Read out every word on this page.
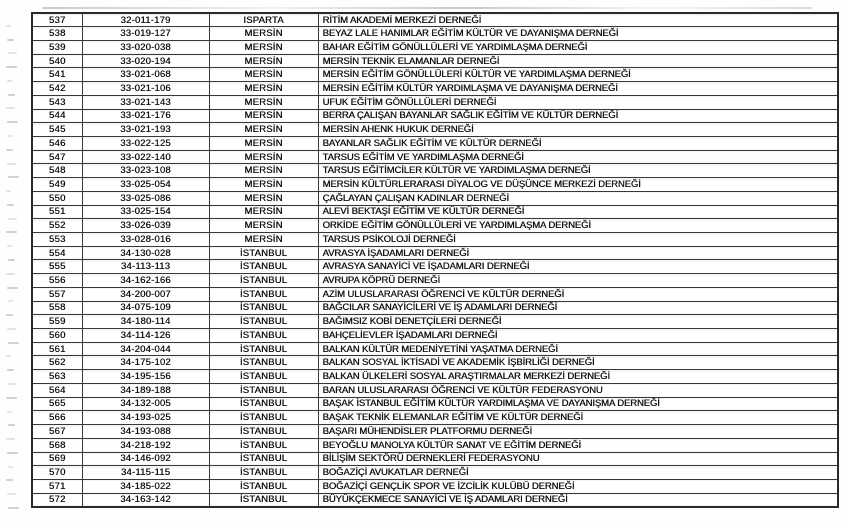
537	32-011-179	ISPARTA	RİTİM AKADEMİ MERKEZİ DERNEĞİ
538	33-019-127	MERSİN	BEYAZ LALE HANIMLAR EĞİTİM KÜLTÜR VE DAYANIŞMA DERNEĞİ
539	33-020-038	MERSİN	BAHAR EĞİTİM GÖNÜLLÜLERİ VE YARDIMLAŞMA DERNEĞİ
540	33-020-194	MERSİN	MERSİN TEKNİK ELAMANLAR DERNEĞİ
541	33-021-068	MERSİN	MERSİN EĞİTİM GÖNÜLLÜLERİ KÜLTÜR VE YARDIMLAŞMA DERNEĞİ
542	33-021-106	MERSİN	MERSİN EĞİTİM KÜLTÜR YARDIMLAŞMA VE DAYANIŞMA DERNEĞİ
543	33-021-143	MERSİN	UFUK EĞİTİM GÖNÜLLÜLERİ DERNEĞİ
544	33-021-176	MERSİN	BERRA ÇALIŞAN BAYANLAR SAĞLIK EĞİTİM VE KÜLTÜR DERNEĞİ
545	33-021-193	MERSİN	MERSİN AHENK HUKUK DERNEĞİ
546	33-022-125	MERSİN	BAYANLAR SAĞLIK EĞİTİM VE KÜLTÜR DERNEĞİ
547	33-022-140	MERSİN	TARSUS EĞİTİM VE YARDIMLAŞMA DERNEĞİ
548	33-023-108	MERSİN	TARSUS EĞİTİMCİLER KÜLTÜR VE YARDIMLAŞMA DERNEĞİ
549	33-025-054	MERSİN	MERSİN KÜLTÜRLERARASI DİYALOG VE DÜŞÜNCE MERKEZİ DERNEĞİ
550	33-025-086	MERSİN	ÇAĞLAYAN ÇALIŞAN KADINLAR DERNEĞİ
551	33-025-154	MERSİN	ALEVİ BEKTAŞİ EĞİTİM VE KÜLTÜR DERNEĞİ
552	33-026-039	MERSİN	ORKİDE EĞİTİM GÖNÜLLÜLERİ VE YARDIMLAŞMA DERNEĞİ
553	33-028-016	MERSİN	TARSUS PSİKOLOJİ DERNEĞİ
554	34-130-028	İSTANBUL	AVRASYA İŞADAMLARI DERNEĞİ
555	34-113-113	İSTANBUL	AVRASYA SANAYİCİ VE İŞADAMLARI DERNEĞİ
556	34-162-166	İSTANBUL	AVRUPA KÖPRÜ DERNEĞİ
557	34-200-007	İSTANBUL	AZİM ULUSLARARASI ÖĞRENCİ VE KÜLTÜR DERNEĞİ
558	34-075-109	İSTANBUL	BAĞCILAR SANAYİCİLERİ VE İŞ ADAMLARI DERNEĞİ
559	34-180-114	İSTANBUL	BAĞIMSIZ KOBİ DENETÇİLERİ DERNEĞİ
560	34-114-126	İSTANBUL	BAHÇELİEVLER İŞADAMLARI DERNEĞİ
561	34-204-044	İSTANBUL	BALKAN KÜLTÜR MEDENİYETİNİ YAŞATMA DERNEĞİ
562	34-175-102	İSTANBUL	BALKAN SOSYAL İKTİSADİ VE AKADEMİK İŞBİRLİĞİ DERNEĞİ
563	34-195-156	İSTANBUL	BALKAN ÜLKELERİ SOSYAL ARAŞTIRMALAR MERKEZİ DERNEĞİ
564	34-189-188	İSTANBUL	BARAN ULUSLARARASI ÖĞRENCİ VE KÜLTÜR FEDERASYONU
565	34-132-005	İSTANBUL	BAŞAK İSTANBUL EĞİTİM KÜLTÜR YARDIMLAŞMA VE DAYANIŞMA DERNEĞİ
566	34-193-025	İSTANBUL	BAŞAK TEKNİK ELEMANLAR EĞİTİM VE KÜLTÜR DERNEĞİ
567	34-193-088	İSTANBUL	BAŞARI MÜHENDİSLER PLATFORMU DERNEĞİ
568	34-218-192	İSTANBUL	BEYOĞLU MANOLYA KÜLTÜR SANAT VE EĞİTİM DERNEĞİ
569	34-146-092	İSTANBUL	BİLİŞİM SEKTÖRÜ DERNEKLERİ FEDERASYONU
570	34-115-115	İSTANBUL	BOĞAZİÇİ AVUKATLAR DERNEĞİ
571	34-185-022	İSTANBUL	BOĞAZİÇİ GENÇLİK SPOR VE İZCİLİK KULÜBÜ DERNEĞİ
572	34-163-142	İSTANBUL	BÜYÜKÇEKMECE SANAYİCİ VE İŞ ADAMLARI DERNEĞİ
